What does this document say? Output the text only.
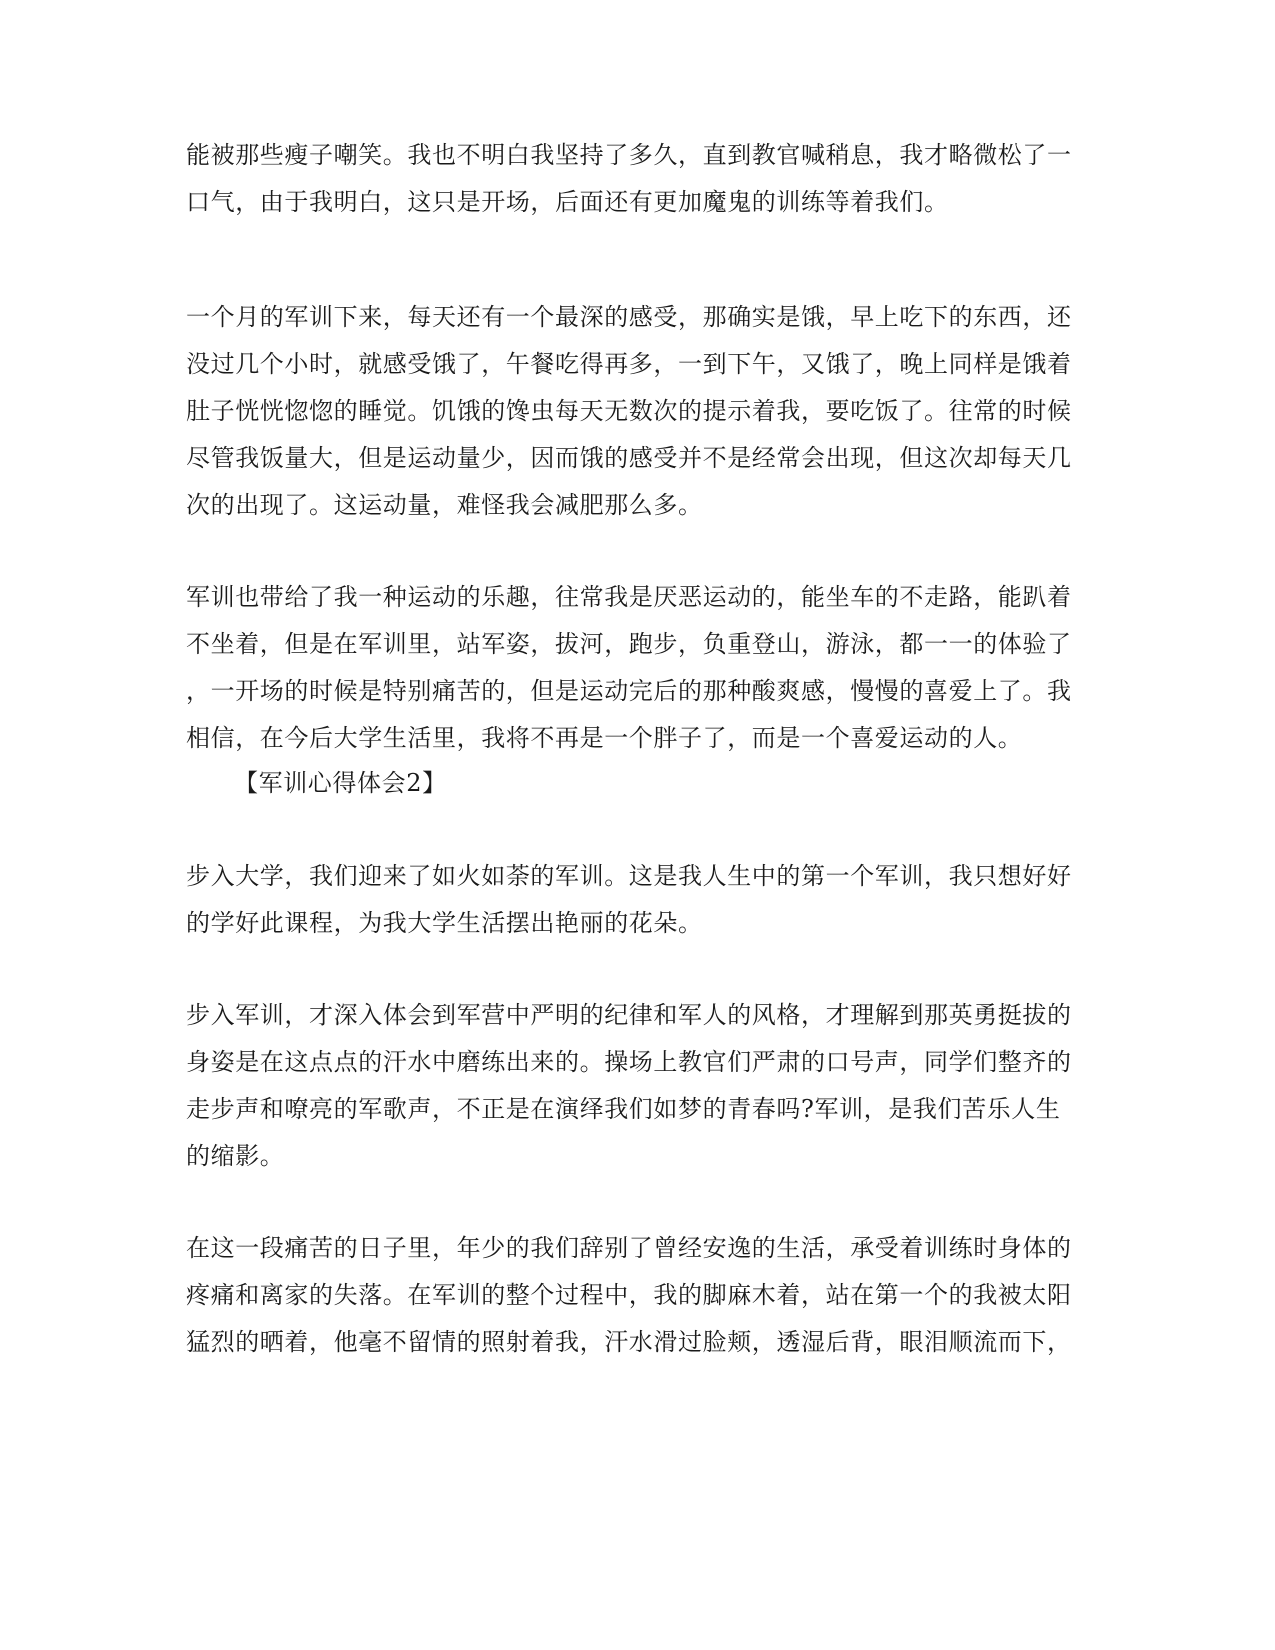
能被那些瘦子嘲笑。我也不明白我坚持了多久，直到教官喊稍息，我才略微松了一
口气，由于我明白，这只是开场，后面还有更加魔鬼的训练等着我们。
一个月的军训下来，每天还有一个最深的感受，那确实是饿，早上吃下的东西，还
没过几个小时，就感受饿了，午餐吃得再多，一到下午，又饿了，晚上同样是饿着
肚子恍恍惚惚的睡觉。饥饿的馋虫每天无数次的提示着我，要吃饭了。往常的时候
尽管我饭量大，但是运动量少，因而饿的感受并不是经常会出现，但这次却每天几
次的出现了。这运动量，难怪我会减肥那么多。
军训也带给了我一种运动的乐趣，往常我是厌恶运动的，能坐车的不走路，能趴着
不坐着，但是在军训里，站军姿，拔河，跑步，负重登山，游泳，都一一的体验了
，一开场的时候是特别痛苦的，但是运动完后的那种酸爽感，慢慢的喜爱上了。我
相信，在今后大学生活里，我将不再是一个胖子了，而是一个喜爱运动的人。
【军训心得体会2】
步入大学，我们迎来了如火如荼的军训。这是我人生中的第一个军训，我只想好好
的学好此课程，为我大学生活摆出艳丽的花朵。
步入军训，才深入体会到军营中严明的纪律和军人的风格，才理解到那英勇挺拔的
身姿是在这点点的汗水中磨练出来的。操场上教官们严肃的口号声，同学们整齐的
走步声和嘹亮的军歌声，不正是在演绎我们如梦的青春吗?军训，是我们苦乐人生
的缩影。
在这一段痛苦的日子里，年少的我们辞别了曾经安逸的生活，承受着训练时身体的
疼痛和离家的失落。在军训的整个过程中，我的脚麻木着，站在第一个的我被太阳
猛烈的晒着，他毫不留情的照射着我，汗水滑过脸颊，透湿后背，眼泪顺流而下，
